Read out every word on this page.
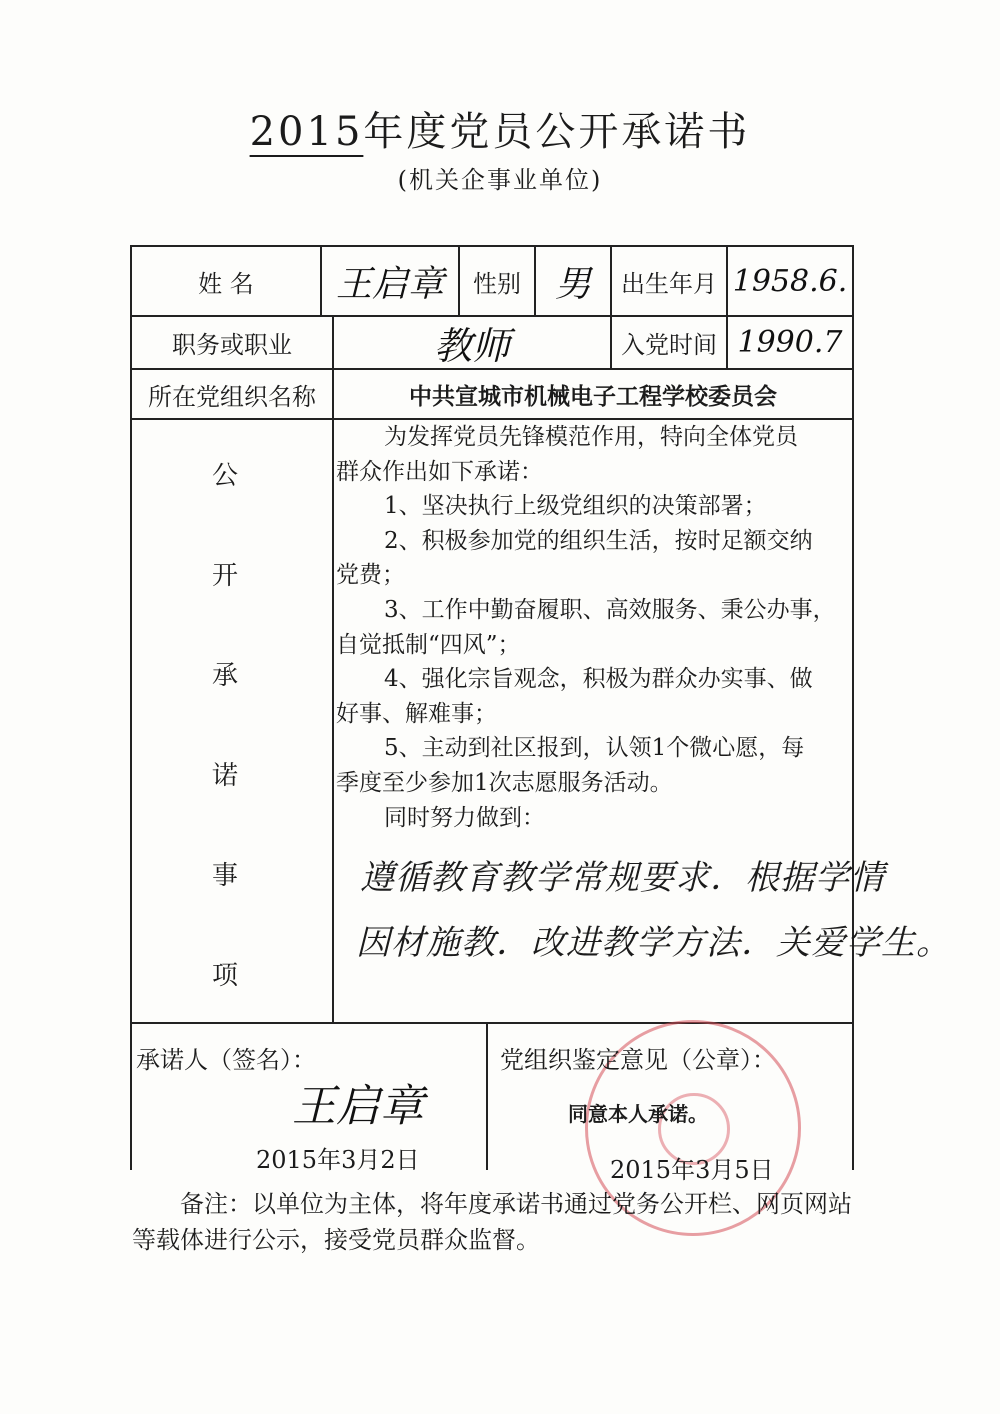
2015年度党员公开承诺书
(机关企事业单位)
姓 名	王启章	性别 男	出生年月 1958.6.
职务或职业	教师	入党时间 1990.7
所在党组织名称	中共宣城市机械电子工程学校委员会
公
开
承
诺
事
项

为发挥党员先锋模范作用，特向全体党员

群众作出如下承诺：

1、坚决执行上级党组织的决策部署；

2、积极参加党的组织生活，按时足额交纳

党费；

3、工作中勤奋履职、高效服务、秉公办事，

自觉抵制“四风”；

4、强化宗旨观念，积极为群众办实事、做

好事、解难事；

5、主动到社区报到，认领1个微心愿，每

季度至少参加1次志愿服务活动。

同时努力做到：

遵循教育教学常规要求．根据学情
因材施教．改进教学方法．关爱学生。
承诺人（签名）：
王启章
2015年3月2日
党组织鉴定意见（公章）：
同意本人承诺。
2015年3月5日
备注：以单位为主体，将年度承诺书通过党务公开栏、网页网站等载体进行公示，接受党员群众监督。
